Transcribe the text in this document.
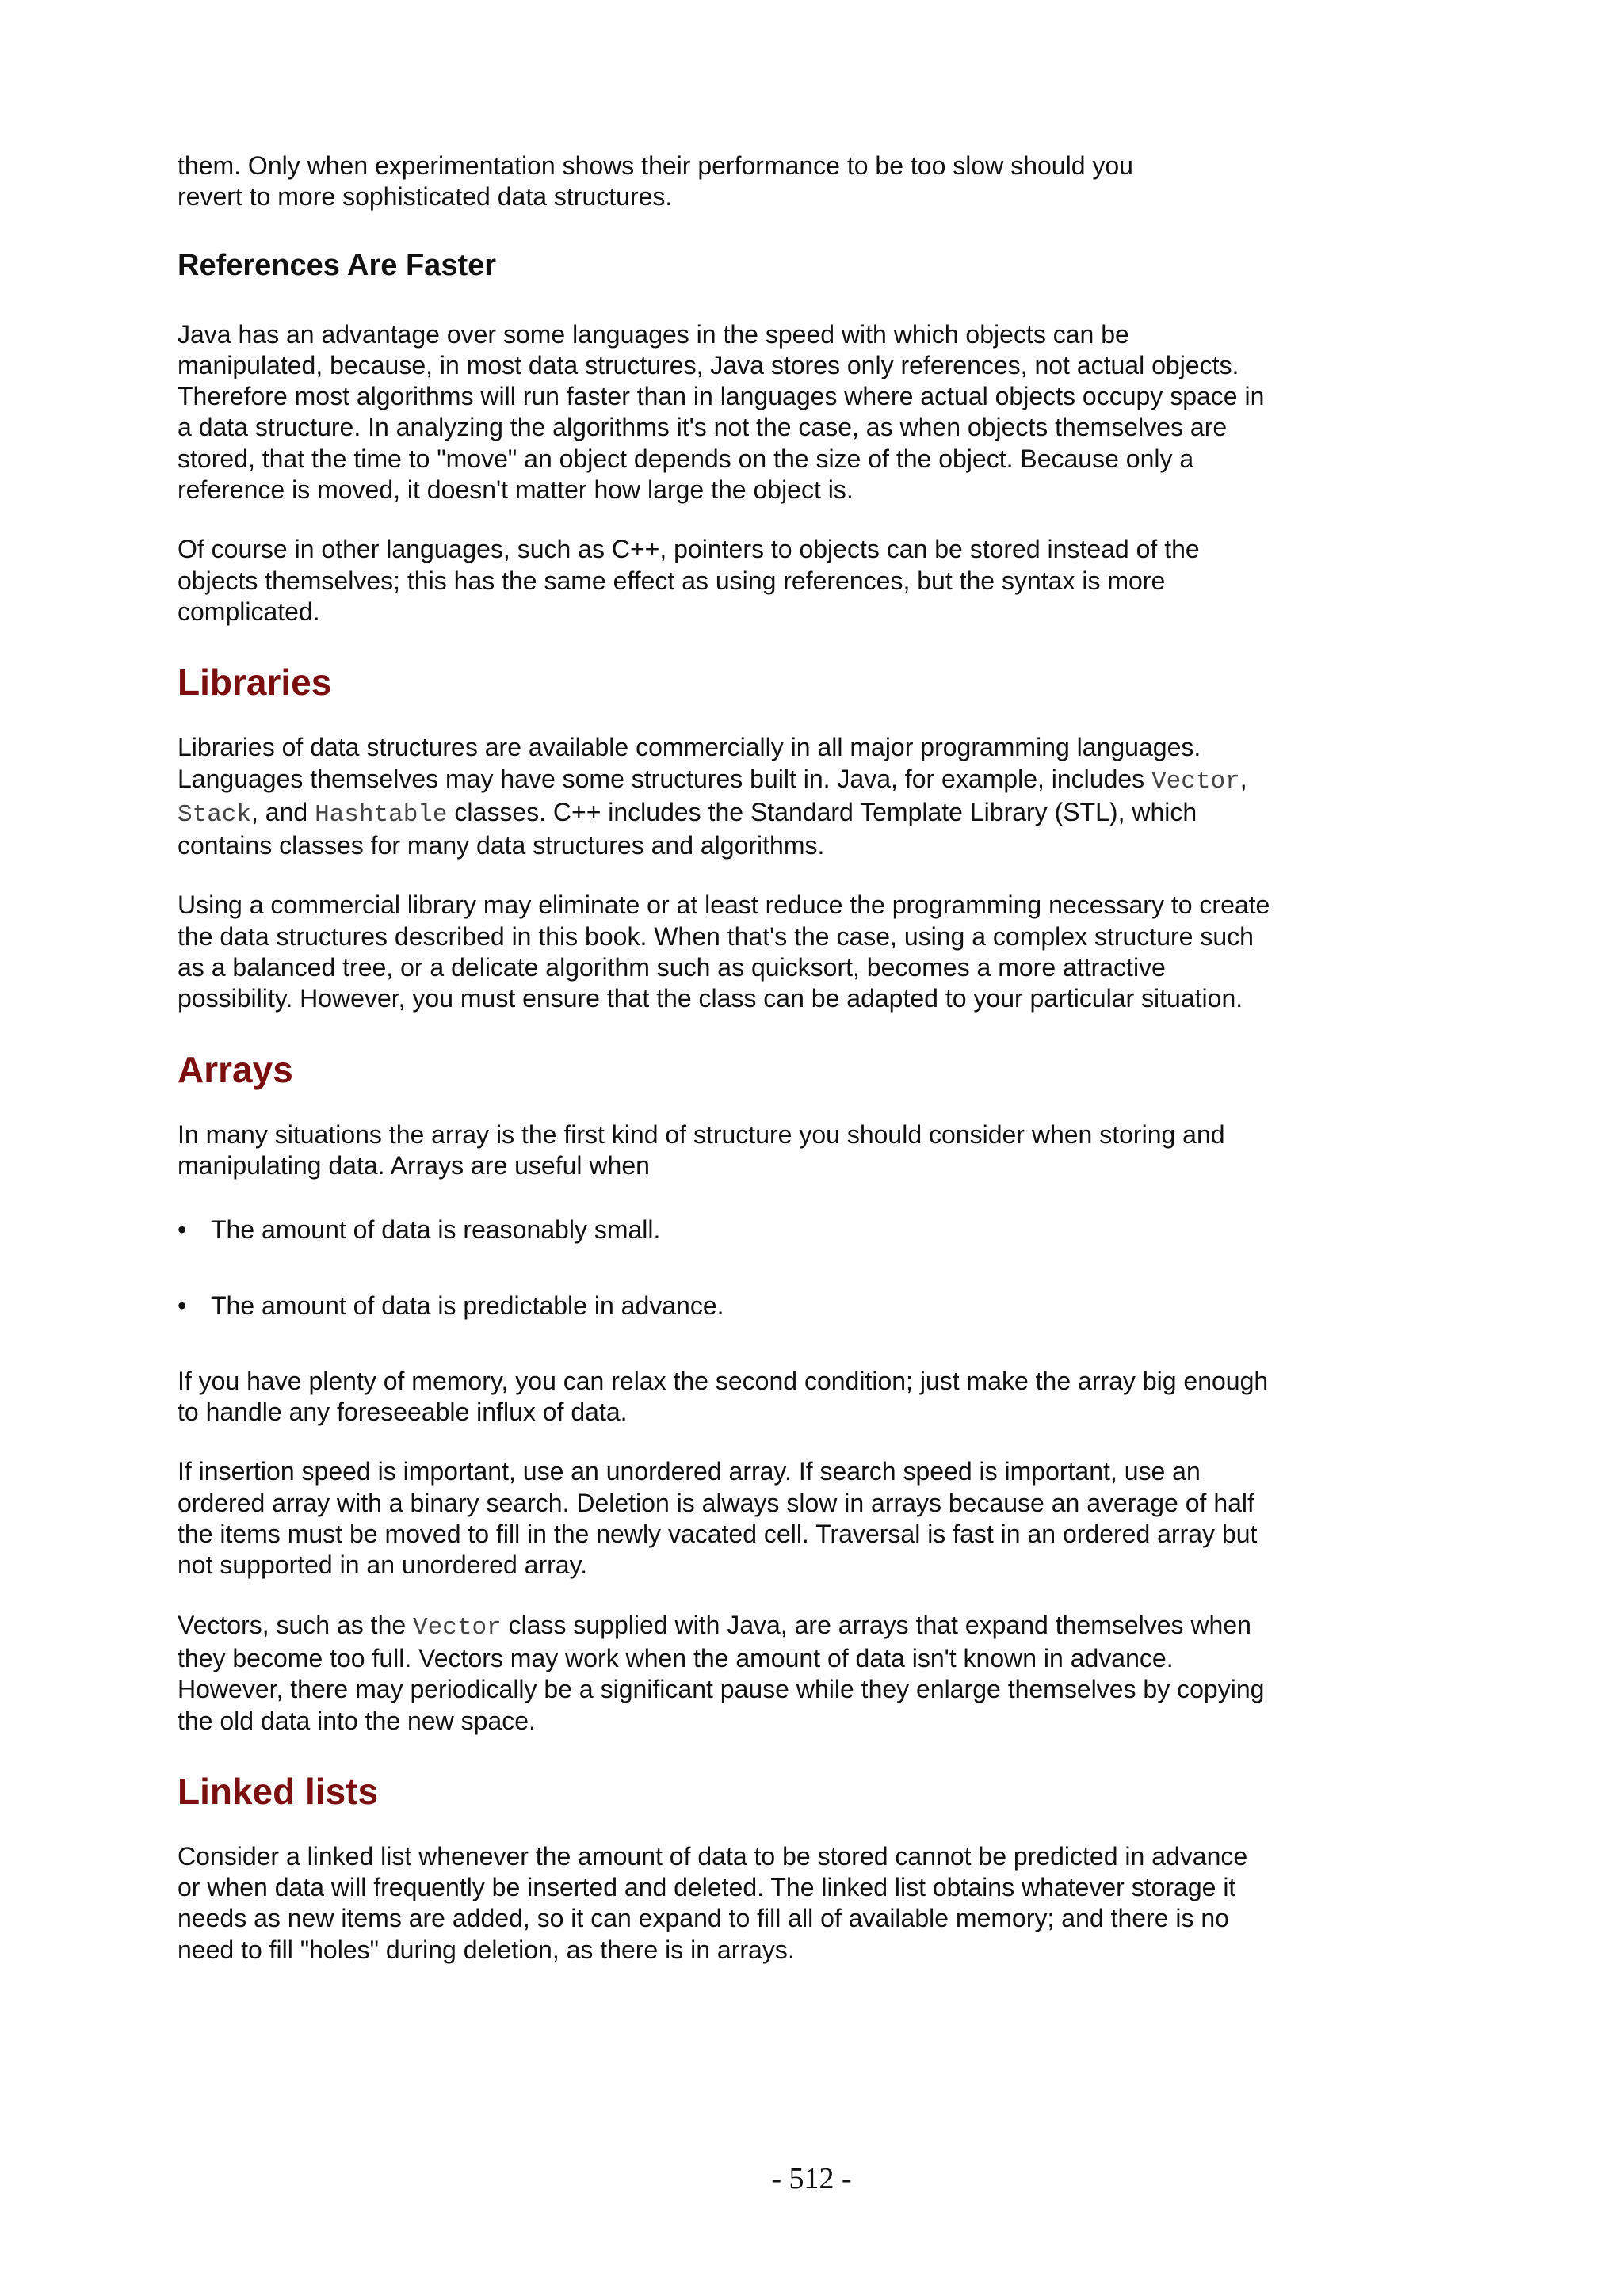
them. Only when experimentation shows their performance to be too slow should you
revert to more sophisticated data structures.

References Are Faster

Java has an advantage over some languages in the speed with which objects can be manipulated, because, in most data structures, Java stores only references, not actual objects. Therefore most algorithms will run faster than in languages where actual objects occupy space in a data structure. In analyzing the algorithms it's not the case, as when objects themselves are stored, that the time to "move" an object depends on the size of the object. Because only a reference is moved, it doesn't matter how large the object is.

Of course in other languages, such as C++, pointers to objects can be stored instead of the objects themselves; this has the same effect as using references, but the syntax is more complicated.

Libraries

Libraries of data structures are available commercially in all major programming languages. Languages themselves may have some structures built in. Java, for example, includes Vector, Stack, and Hashtable classes. C++ includes the Standard Template Library (STL), which contains classes for many data structures and algorithms.

Using a commercial library may eliminate or at least reduce the programming necessary to create the data structures described in this book. When that's the case, using a complex structure such as a balanced tree, or a delicate algorithm such as quicksort, becomes a more attractive possibility. However, you must ensure that the class can be adapted to your particular situation.

Arrays

In many situations the array is the first kind of structure you should consider when storing and manipulating data. Arrays are useful when

• The amount of data is reasonably small.
• The amount of data is predictable in advance.

If you have plenty of memory, you can relax the second condition; just make the array big enough to handle any foreseeable influx of data.

If insertion speed is important, use an unordered array. If search speed is important, use an ordered array with a binary search. Deletion is always slow in arrays because an average of half the items must be moved to fill in the newly vacated cell. Traversal is fast in an ordered array but not supported in an unordered array.

Vectors, such as the Vector class supplied with Java, are arrays that expand themselves when they become too full. Vectors may work when the amount of data isn't known in advance. However, there may periodically be a significant pause while they enlarge themselves by copying the old data into the new space.

Linked lists

Consider a linked list whenever the amount of data to be stored cannot be predicted in advance or when data will frequently be inserted and deleted. The linked list obtains whatever storage it needs as new items are added, so it can expand to fill all of available memory; and there is no need to fill "holes" during deletion, as there is in arrays.

- 512 -
